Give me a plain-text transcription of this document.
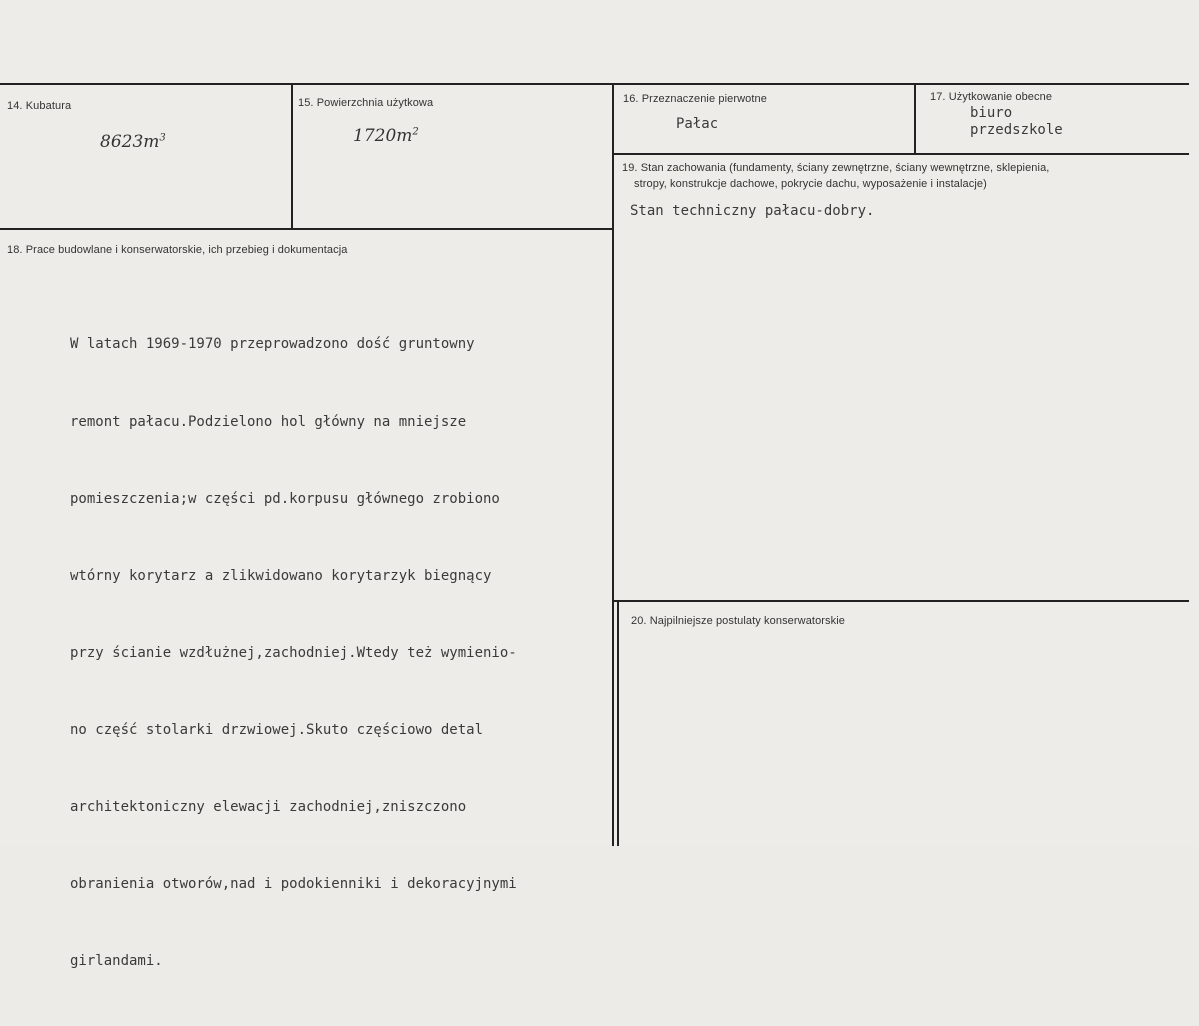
14. Kubatura
$8623m^3$
15. Powierzchnia użytkowa
$1720m^2$
16. Przeznaczenie pierwotne
Pałac
17. Użytkowanie obecne
biuro
przedszkole
19. Stan zachowania (fundamenty, ściany zewnętrzne, ściany wewnętrzne, sklepienia,
stropy, konstrukcje dachowe, pokrycie dachu, wyposażenie i instalacje)
Stan techniczny pałacu-dobry.
18. Prace budowlane i konserwatorskie, ich przebieg i dokumentacja

W latach 1969-1970 przeprowadzono dość gruntowny

remont pałacu.Podzielono hol główny na mniejsze

pomieszczenia;w części pd.korpusu głównego zrobiono

wtórny korytarz a zlikwidowano korytarzyk biegnący

przy ścianie wzdłużnej,zachodniej.Wtedy też wymienio-

no część stolarki drzwiowej.Skuto częściowo detal

architektoniczny elewacji zachodniej,zniszczono

obranienia otworów,nad i podokienniki i dekoracyjnymi

girlandami.

20. Najpilniejsze postulaty konserwatorskie
